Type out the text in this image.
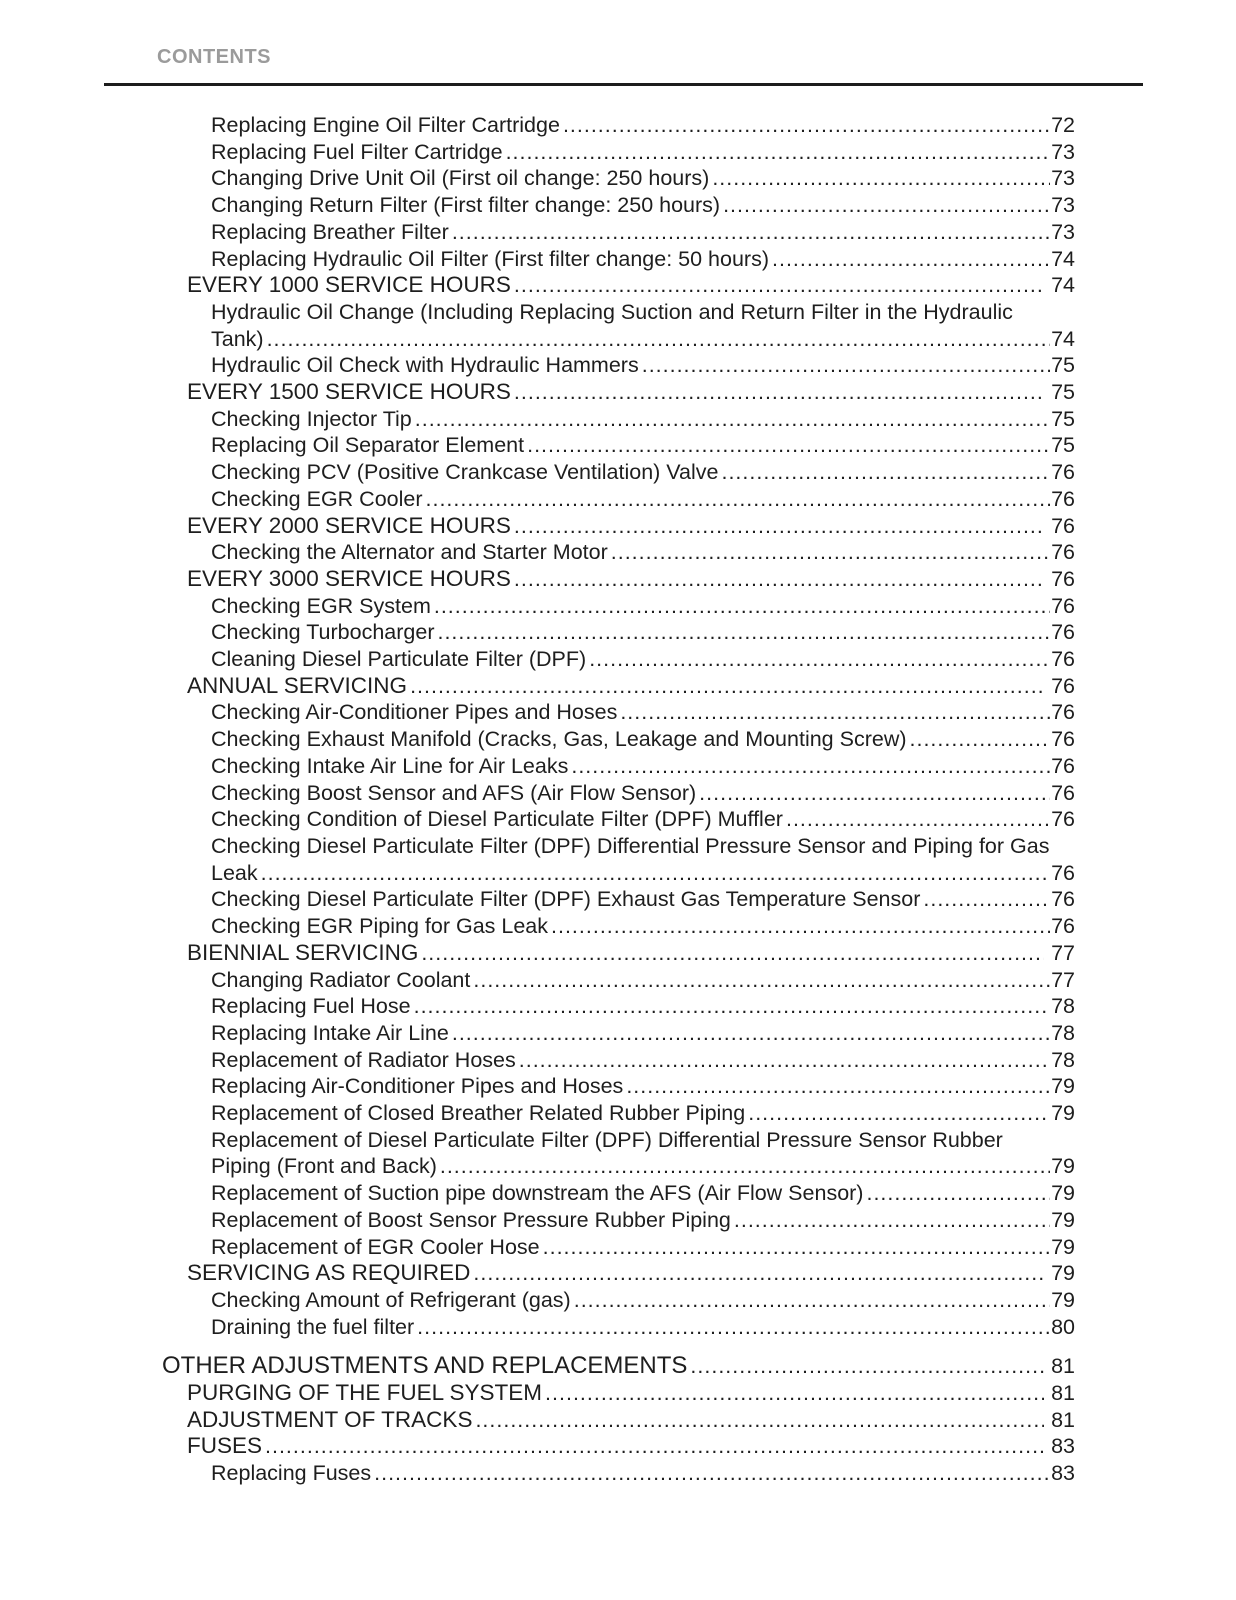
CONTENTS
Replacing Engine Oil Filter Cartridge .....	72
Replacing Fuel Filter Cartridge .....	73
Changing Drive Unit Oil (First oil change: 250 hours) .....	73
Changing Return Filter (First filter change: 250 hours) .....	73
Replacing Breather Filter .....	73
Replacing Hydraulic Oil Filter (First filter change: 50 hours) .....	74
EVERY 1000 SERVICE HOURS .....	74
Hydraulic Oil Change (Including Replacing Suction and Return Filter in the Hydraulic
Tank) .....	74
Hydraulic Oil Check with Hydraulic Hammers .....	75
EVERY 1500 SERVICE HOURS .....	75
Checking Injector Tip .....	75
Replacing Oil Separator Element .....	75
Checking PCV (Positive Crankcase Ventilation) Valve .....	76
Checking EGR Cooler .....	76
EVERY 2000 SERVICE HOURS .....	76
Checking the Alternator and Starter Motor .....	76
EVERY 3000 SERVICE HOURS .....	76
Checking EGR System .....	76
Checking Turbocharger .....	76
Cleaning Diesel Particulate Filter (DPF) .....	76
ANNUAL SERVICING .....	76
Checking Air-Conditioner Pipes and Hoses .....	76
Checking Exhaust Manifold (Cracks, Gas, Leakage and Mounting Screw) .....	76
Checking Intake Air Line for Air Leaks .....	76
Checking Boost Sensor and AFS (Air Flow Sensor) .....	76
Checking Condition of Diesel Particulate Filter (DPF) Muffler .....	76
Checking Diesel Particulate Filter (DPF) Differential Pressure Sensor and Piping for Gas
Leak .....	76
Checking Diesel Particulate Filter (DPF) Exhaust Gas Temperature Sensor .....	76
Checking EGR Piping for Gas Leak .....	76
BIENNIAL SERVICING .....	77
Changing Radiator Coolant .....	77
Replacing Fuel Hose .....	78
Replacing Intake Air Line .....	78
Replacement of Radiator Hoses .....	78
Replacing Air-Conditioner Pipes and Hoses .....	79
Replacement of Closed Breather Related Rubber Piping .....	79
Replacement of Diesel Particulate Filter (DPF) Differential Pressure Sensor Rubber
Piping (Front and Back) .....	79
Replacement of Suction pipe downstream the AFS (Air Flow Sensor) .....	79
Replacement of Boost Sensor Pressure Rubber Piping .....	79
Replacement of EGR Cooler Hose .....	79
SERVICING AS REQUIRED .....	79
Checking Amount of Refrigerant (gas) .....	79
Draining the fuel filter .....	80
OTHER ADJUSTMENTS AND REPLACEMENTS .....	81
PURGING OF THE FUEL SYSTEM .....	81
ADJUSTMENT OF TRACKS .....	81
FUSES .....	83
Replacing Fuses .....	83
